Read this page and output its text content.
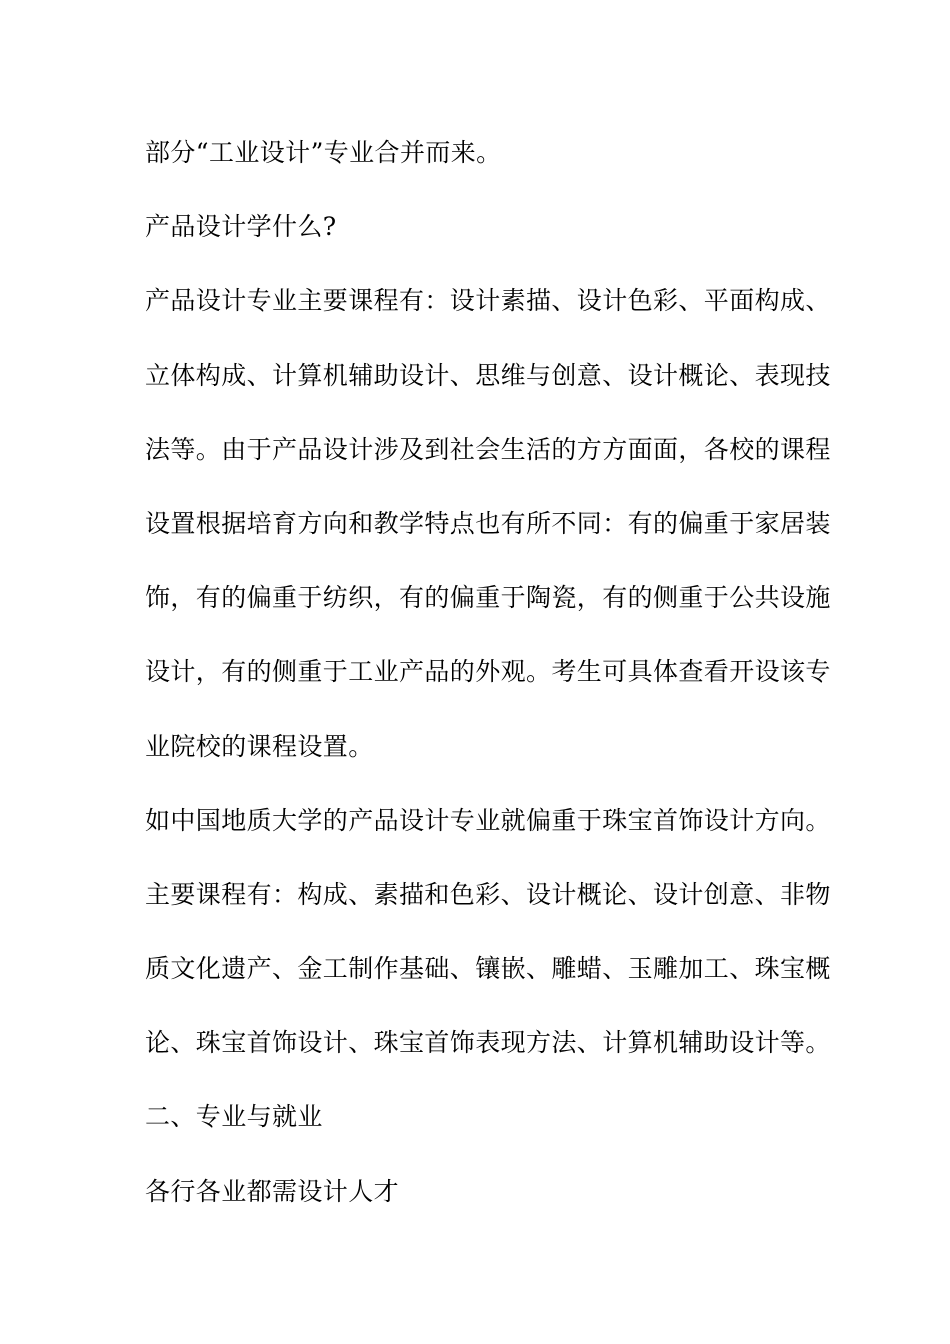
部分“工业设计”专业合并而来。
产品设计学什么?
产品设计专业主要课程有：设计素描、设计色彩、平面构成、
立体构成、计算机辅助设计、思维与创意、设计概论、表现技
法等。由于产品设计涉及到社会生活的方方面面，各校的课程
设置根据培育方向和教学特点也有所不同：有的偏重于家居装
饰，有的偏重于纺织，有的偏重于陶瓷，有的侧重于公共设施
设计，有的侧重于工业产品的外观。考生可具体查看开设该专
业院校的课程设置。
如中国地质大学的产品设计专业就偏重于珠宝首饰设计方向。
主要课程有：构成、素描和色彩、设计概论、设计创意、非物
质文化遗产、金工制作基础、镶嵌、雕蜡、玉雕加工、珠宝概
论、珠宝首饰设计、珠宝首饰表现方法、计算机辅助设计等。
二、专业与就业
各行各业都需设计人才
